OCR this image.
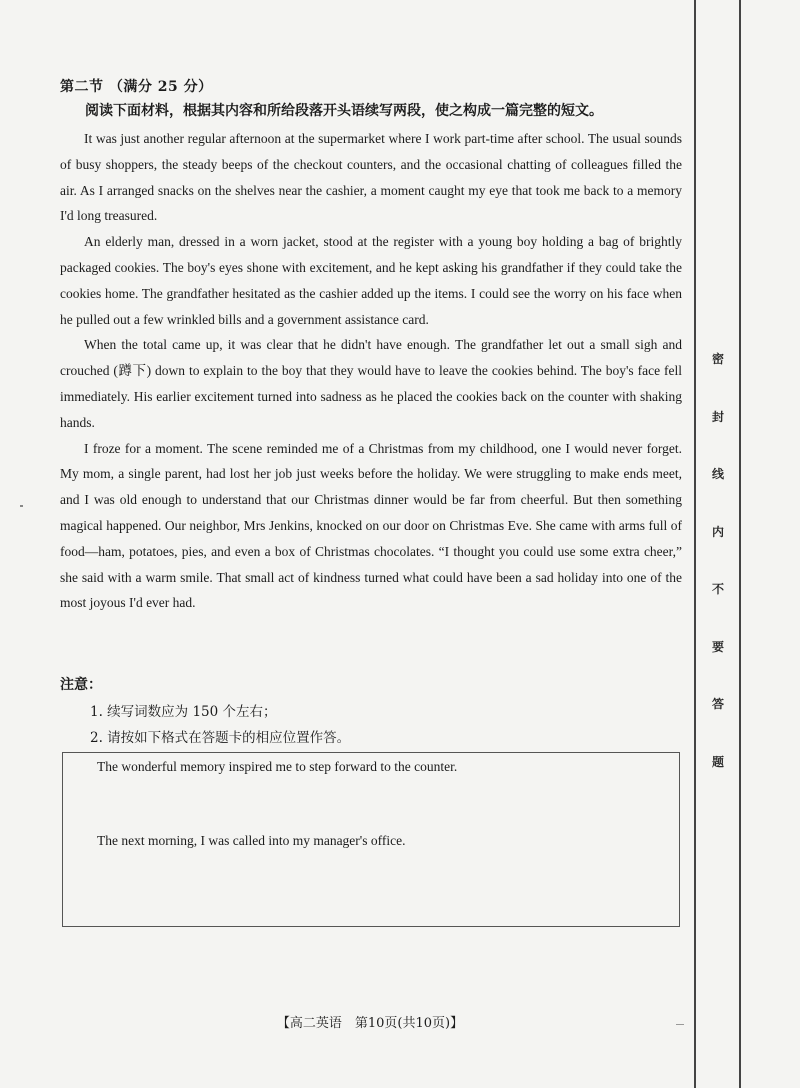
第二节 （满分 25 分）
阅读下面材料，根据其内容和所给段落开头语续写两段，使之构成一篇完整的短文。

It was just another regular afternoon at the supermarket where I work part-time after school. The usual sounds of busy shoppers, the steady beeps of the checkout counters, and the occasional chatting of colleagues filled the air. As I arranged snacks on the shelves near the cashier, a moment caught my eye that took me back to a memory I'd long treasured.

An elderly man, dressed in a worn jacket, stood at the register with a young boy holding a bag of brightly packaged cookies. The boy's eyes shone with excitement, and he kept asking his grandfather if they could take the cookies home. The grandfather hesitated as the cashier added up the items. I could see the worry on his face when he pulled out a few wrinkled bills and a government assistance card.

When the total came up, it was clear that he didn't have enough. The grandfather let out a small sigh and crouched (蹲下) down to explain to the boy that they would have to leave the cookies behind. The boy's face fell immediately. His earlier excitement turned into sadness as he placed the cookies back on the counter with shaking hands.

I froze for a moment. The scene reminded me of a Christmas from my childhood, one I would never forget. My mom, a single parent, had lost her job just weeks before the holiday. We were struggling to make ends meet, and I was old enough to understand that our Christmas dinner would be far from cheerful. But then something magical happened. Our neighbor, Mrs Jenkins, knocked on our door on Christmas Eve. She came with arms full of food—ham, potatoes, pies, and even a box of Christmas chocolates. “I thought you could use some extra cheer,” she said with a warm smile. That small act of kindness turned what could have been a sad holiday into one of the most joyous I'd ever had.

注意：
1. 续写词数应为 150 个左右；
2. 请按如下格式在答题卡的相应位置作答。
The wonderful memory inspired me to step forward to the counter.
The next morning, I was called into my manager's office.
【高二英语　第10页(共10页)】
密
封
线
内
不
要
答
题
